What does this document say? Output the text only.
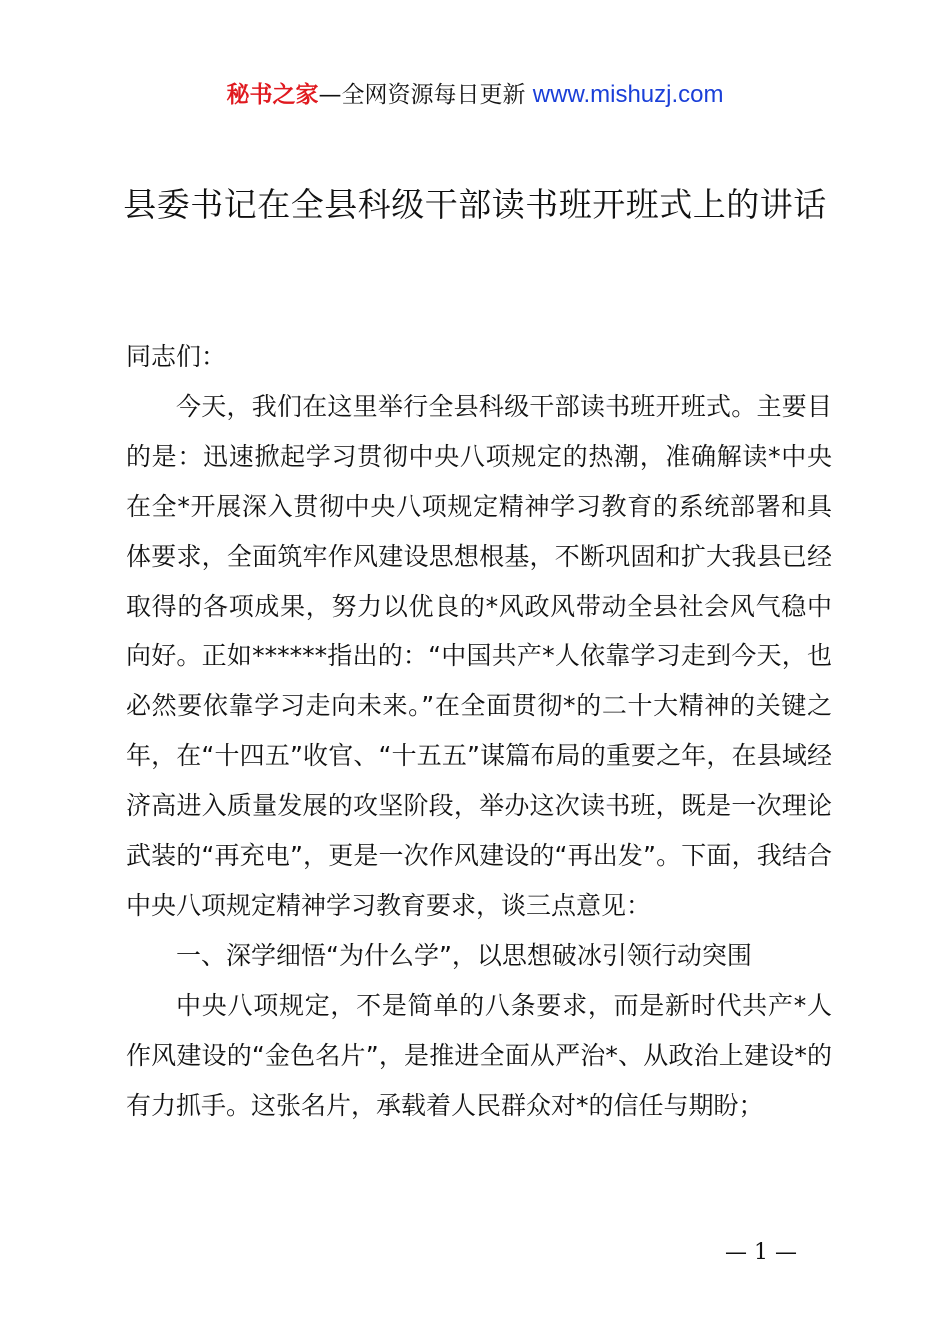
秘书之家—全网资源每日更新 www.mishuzj.com
县委书记在全县科级干部读书班开班式上的讲话

同志们：

今天，我们在这里举行全县科级干部读书班开班式。主要目的是：迅速掀起学习贯彻中央八项规定的热潮，准确解读*中央在全*开展深入贯彻中央八项规定精神学习教育的系统部署和具体要求，全面筑牢作风建设思想根基，不断巩固和扩大我县已经取得的各项成果，努力以优良的*风政风带动全县社会风气稳中向好。正如******指出的：“中国共产*人依靠学习走到今天，也必然要依靠学习走向未来。”在全面贯彻*的二十大精神的关键之年，在“十四五”收官、“十五五”谋篇布局的重要之年，在县域经济高进入质量发展的攻坚阶段，举办这次读书班，既是一次理论武装的“再充电”，更是一次作风建设的“再出发”。下面，我结合中央八项规定精神学习教育要求，谈三点意见：

一、深学细悟“为什么学”，以思想破冰引领行动突围

中央八项规定，不是简单的八条要求，而是新时代共产*人作风建设的“金色名片”，是推进全面从严治*、从政治上建设*的有力抓手。这张名片，承载着人民群众对*的信任与期盼；

— 1 —
